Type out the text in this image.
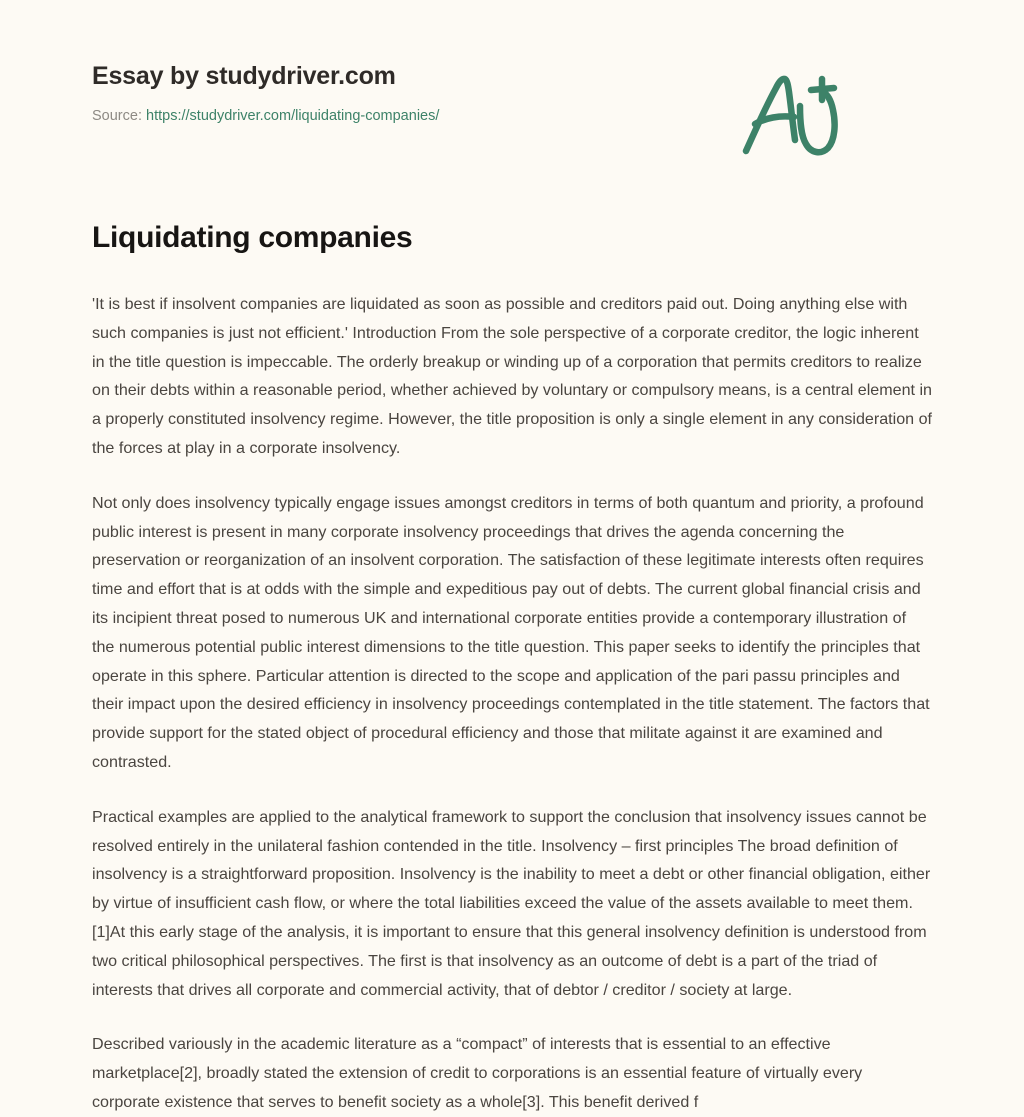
Essay by studydriver.com
Source: https://studydriver.com/liquidating-companies/
Liquidating companies

'It is best if insolvent companies are liquidated as soon as possible and creditors paid out. Doing anything else with such companies is just not efficient.' Introduction From the sole perspective of a corporate creditor, the logic inherent in the title question is impeccable. The orderly breakup or winding up of a corporation that permits creditors to realize on their debts within a reasonable period, whether achieved by voluntary or compulsory means, is a central element in a properly constituted insolvency regime. However, the title proposition is only a single element in any consideration of the forces at play in a corporate insolvency.

Not only does insolvency typically engage issues amongst creditors in terms of both quantum and priority, a profound public interest is present in many corporate insolvency proceedings that drives the agenda concerning the preservation or reorganization of an insolvent corporation. The satisfaction of these legitimate interests often requires time and effort that is at odds with the simple and expeditious pay out of debts. The current global financial crisis and its incipient threat posed to numerous UK and international corporate entities provide a contemporary illustration of the numerous potential public interest dimensions to the title question. This paper seeks to identify the principles that operate in this sphere. Particular attention is directed to the scope and application of the pari passu principles and their impact upon the desired efficiency in insolvency proceedings contemplated in the title statement. The factors that provide support for the stated object of procedural efficiency and those that militate against it are examined and contrasted.

Practical examples are applied to the analytical framework to support the conclusion that insolvency issues cannot be resolved entirely in the unilateral fashion contended in the title. Insolvency – first principles The broad definition of insolvency is a straightforward proposition. Insolvency is the inability to meet a debt or other financial obligation, either by virtue of insufficient cash flow, or where the total liabilities exceed the value of the assets available to meet them.[1]At this early stage of the analysis, it is important to ensure that this general insolvency definition is understood from two critical philosophical perspectives. The first is that insolvency as an outcome of debt is a part of the triad of interests that drives all corporate and commercial activity, that of debtor / creditor / society at large.

Described variously in the academic literature as a “compact” of interests that is essential to an effective marketplace[2], broadly stated the extension of credit to corporations is an essential feature of virtually every corporate existence that serves to benefit society as a whole[3]. This benefit derived f
